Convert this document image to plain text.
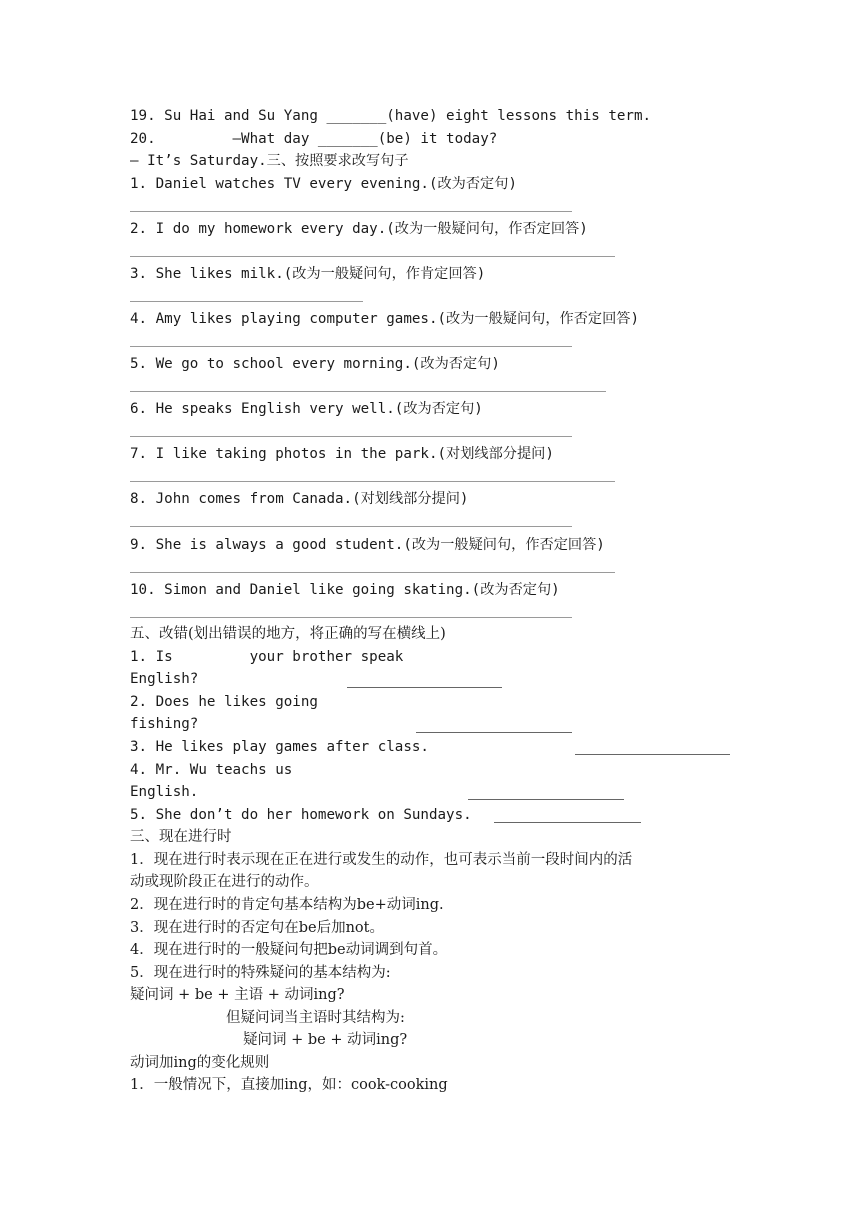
19. Su Hai and Su Yang _______(have) eight lessons this term.
20.         —What day _______(be) it today?
— It’s Saturday.三、按照要求改写句子
1. Daniel watches TV every evening.(改为否定句)
2. I do my homework every day.(改为一般疑问句，作否定回答)
3. She likes milk.(改为一般疑问句，作肯定回答)
4. Amy likes playing computer games.(改为一般疑问句，作否定回答)
5. We go to school every morning.(改为否定句)
6. He speaks English very well.(改为否定句)
7. I like taking photos in the park.(对划线部分提问)
8. John comes from Canada.(对划线部分提问)
9. She is always a good student.(改为一般疑问句，作否定回答)
10. Simon and Daniel like going skating.(改为否定句)
五、改错(划出错误的地方，将正确的写在横线上)
1. Is         your brother speak
English?
2. Does he likes going
fishing?
3. He likes play games after class.
4. Mr. Wu teachs us
English.
5. She don’t do her homework on Sundays.
三、现在进行时
1．现在进行时表示现在正在进行或发生的动作，也可表示当前一段时间内的活
动或现阶段正在进行的动作。
2．现在进行时的肯定句基本结构为be+动词ing.
3．现在进行时的否定句在be后加not。
4．现在进行时的一般疑问句把be动词调到句首。
5．现在进行时的特殊疑问的基本结构为:
疑问词 + be + 主语 + 动词ing?
但疑问词当主语时其结构为:
疑问词 + be + 动词ing?
动词加ing的变化规则
1．一般情况下，直接加ing，如：cook-cooking
